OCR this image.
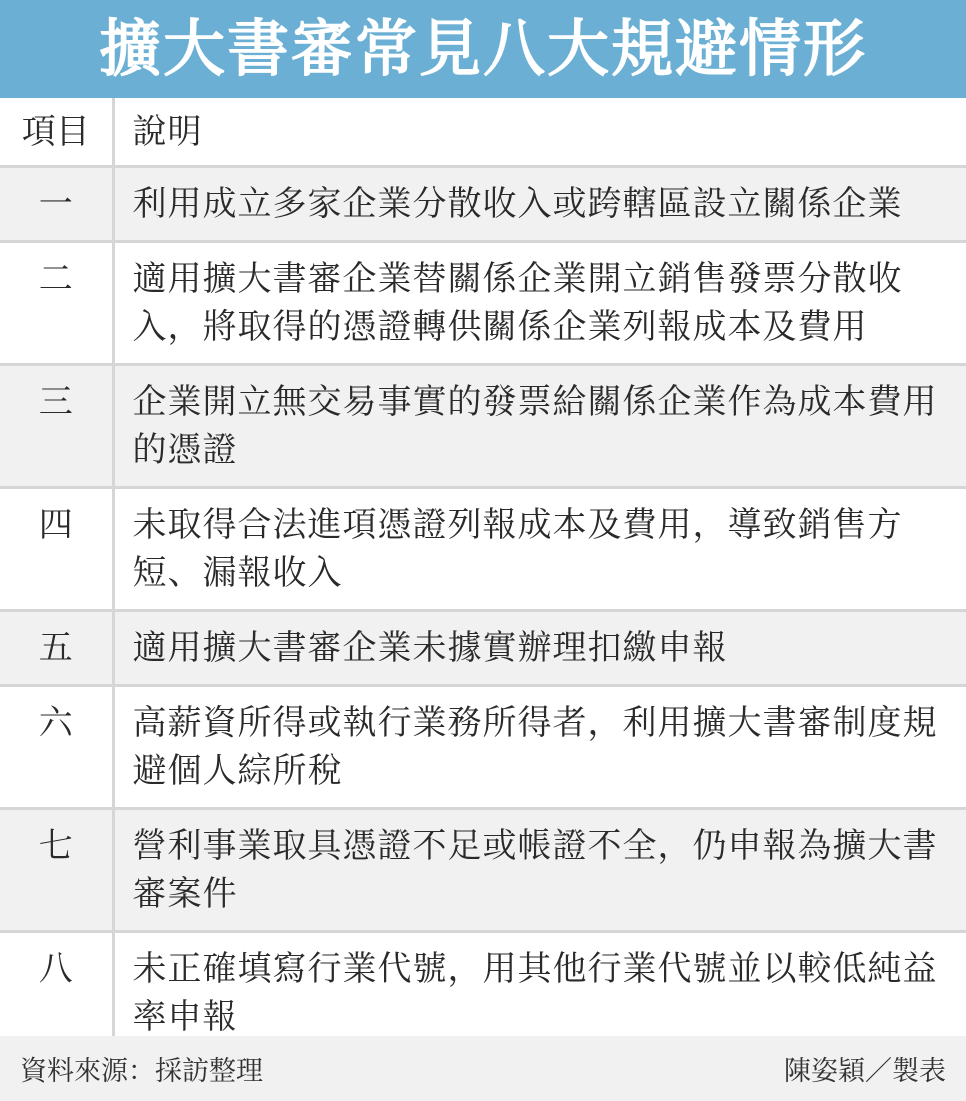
擴大書審常見八大規避情形
項目	說明
一	利用成立多家企業分散收入或跨轄區設立關係企業
二	適用擴大書審企業替關係企業開立銷售發票分散收入，將取得的憑證轉供關係企業列報成本及費用
三	企業開立無交易事實的發票給關係企業作為成本費用的憑證
四	未取得合法進項憑證列報成本及費用，導致銷售方短、漏報收入
五	適用擴大書審企業未據實辦理扣繳申報
六	高薪資所得或執行業務所得者，利用擴大書審制度規避個人綜所稅
七	營利事業取具憑證不足或帳證不全，仍申報為擴大書審案件
八	未正確填寫行業代號，用其他行業代號並以較低純益率申報
資料來源：採訪整理	陳姿穎／製表
